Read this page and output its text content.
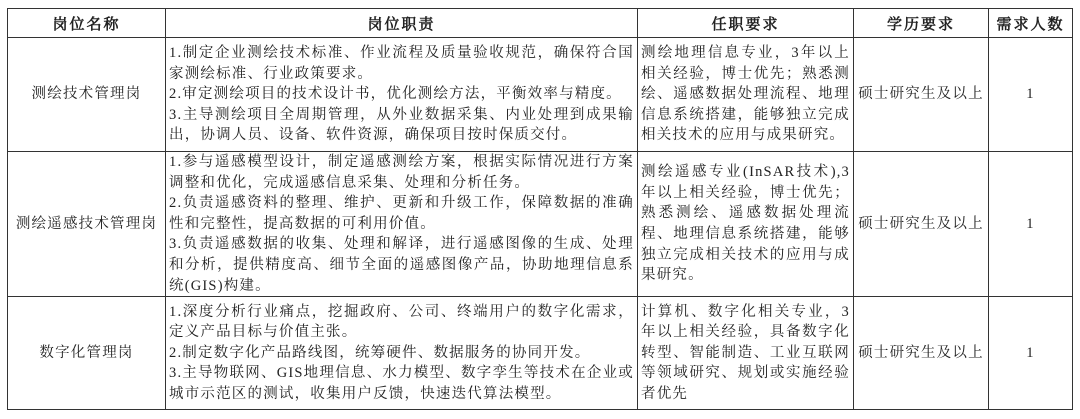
岗位名称	岗位职责	任职要求	学历要求	需求人数
测绘技术管理岗	1.制定企业测绘技术标准、作业流程及质量验收规范，确保符合国家测绘标准、行业政策要求。
2.审定测绘项目的技术设计书，优化测绘方法，平衡效率与精度。
3.主导测绘项目全周期管理，从外业数据采集、内业处理到成果输出，协调人员、设备、软件资源，确保项目按时保质交付。	测绘地理信息专业，3年以上相关经验，博士优先；熟悉测绘、遥感数据处理流程、地理信息系统搭建，能够独立完成相关技术的应用与成果研究。	硕士研究生及以上	1
测绘遥感技术管理岗	1.参与遥感模型设计，制定遥感测绘方案，根据实际情况进行方案调整和优化，完成遥感信息采集、处理和分析任务。
2.负责遥感资料的整理、维护、更新和升级工作，保障数据的准确性和完整性，提高数据的可利用价值。
3.负责遥感数据的收集、处理和解译，进行遥感图像的生成、处理和分析，提供精度高、细节全面的遥感图像产品，协助地理信息系统(GIS)构建。	测绘遥感专业(InSAR技术),3年以上相关经验，博士优先；熟悉测绘、遥感数据处理流程、地理信息系统搭建，能够独立完成相关技术的应用与成果研究。	硕士研究生及以上	1
数字化管理岗	1.深度分析行业痛点，挖掘政府、公司、终端用户的数字化需求，定义产品目标与价值主张。
2.制定数字化产品路线图，统筹硬件、数据服务的协同开发。
3.主导物联网、GIS地理信息、水力模型、数字孪生等技术在企业或城市示范区的测试，收集用户反馈，快速迭代算法模型。	计算机、数字化相关专业，3年以上相关经验，具备数字化转型、智能制造、工业互联网等领域研究、规划或实施经验者优先	硕士研究生及以上	1
